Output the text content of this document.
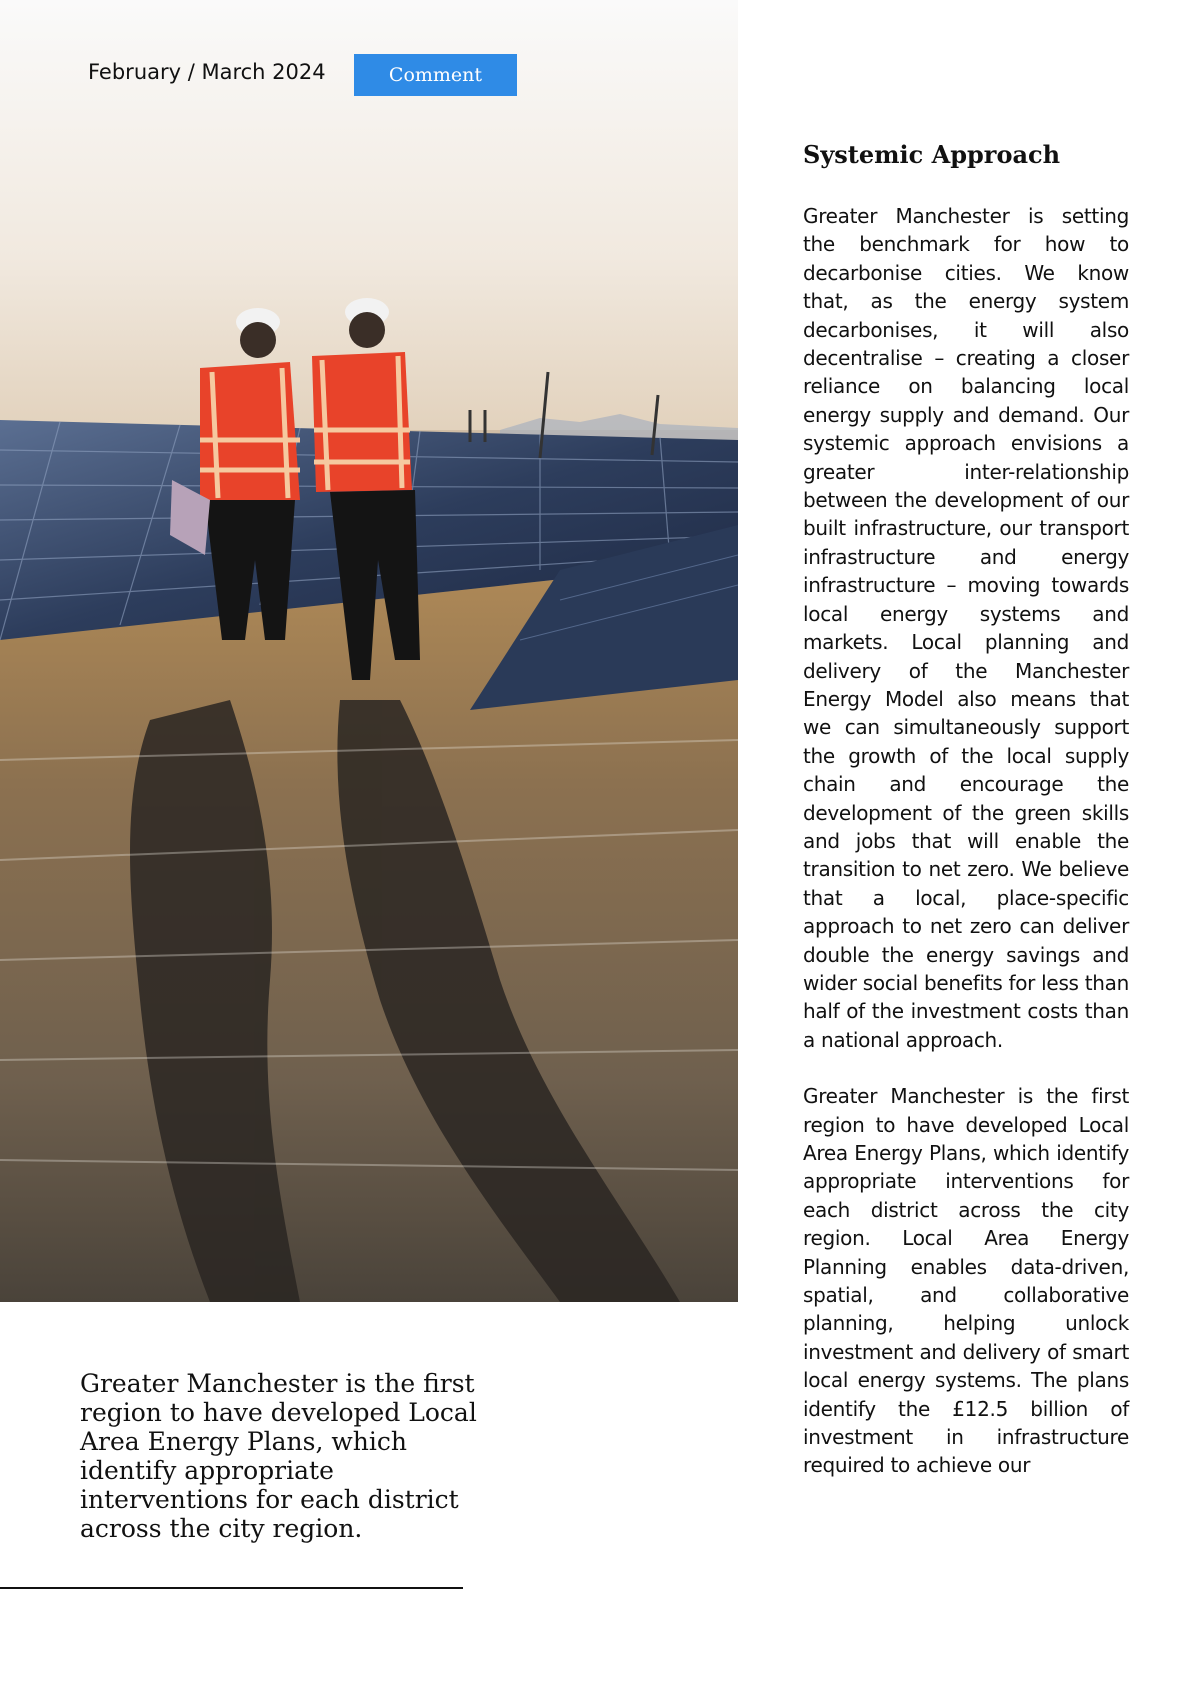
February / March 2024	Comment

Greater Manchester is the first region to have developed Local Area Energy Plans, which identify appropriate interventions for each district across the city region.

Systemic Approach

Greater Manchester is setting the benchmark for how to decarbonise cities. We know that, as the energy system decarbonises, it will also decentralise – creating a closer reliance on balancing local energy supply and demand. Our systemic approach envisions a greater inter-relationship between the development of our built infrastructure, our transport infrastructure and energy infrastructure – moving towards local energy systems and markets. Local planning and delivery of the Manchester Energy Model also means that we can simultaneously support the growth of the local supply chain and encourage the development of the green skills and jobs that will enable the transition to net zero. We believe that a local, place-specific approach to net zero can deliver double the energy savings and wider social benefits for less than half of the investment costs than a national approach.

Greater Manchester is the first region to have developed Local Area Energy Plans, which identify appropriate interventions for each district across the city region. Local Area Energy Planning enables data-driven, spatial, and collaborative planning, helping unlock investment and delivery of smart local energy systems. The plans identify the £12.5 billion of investment in infrastructure required to achieve our
